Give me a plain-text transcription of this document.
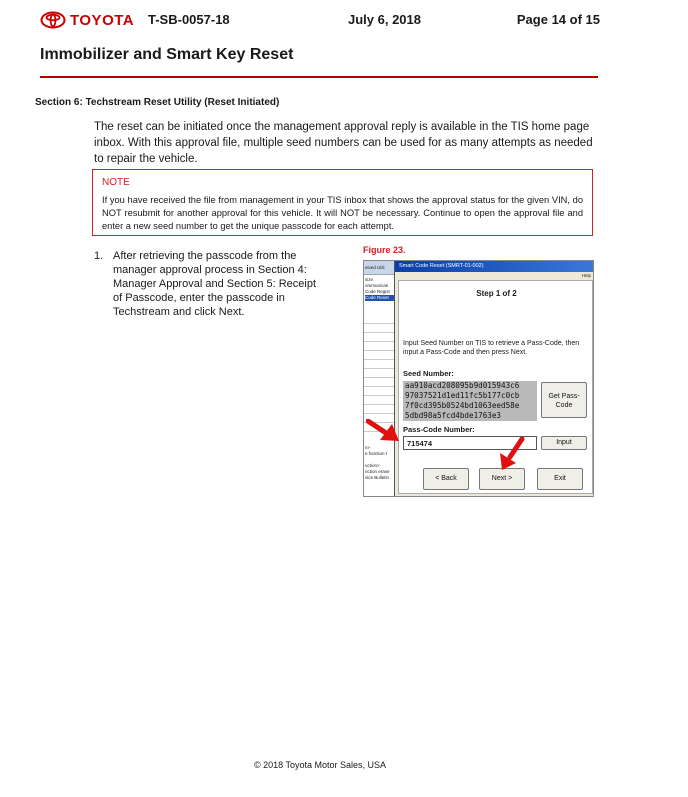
TOYOTA T-SB-0057-18	July 6, 2018	Page 14 of 15
Immobilizer and Smart Key Reset
Section 6: Techstream Reset Utility (Reset Initiated)

The reset can be initiated once the management approval reply is available in the TIS home page inbox. With this approval file, multiple seed numbers can be used for as many attempts as needed to repair the vehicle.

NOTE
If you have received the file from management in your TIS inbox that shows the approval status for the given VIN, do NOT resubmit for another approval for this vehicle. It will NOT be necessary. Continue to open the approval file and enter a new seed number to get the unique passcode for each attempt.
1. After retrieving the passcode from the manager approval process in Section 4: Manager Approval and Section 5: Receipt of Passcode, enter the passcode in Techstream and click Next.
Figure 23.
eived Utili
size
ommunicati
Code Regist
Code Reset
n>
e function t

uction>
nction erase
vice Bulletin
Smart Code Reset (SMRT-01-002)
Help
Step 1 of 2
Input Seed Number on TIS to retrieve a Pass-Code, then input a Pass-Code and then press Next.
Seed Number:
aa910acd208095b9d015943c6
97037521d1ed11fc5b177c0cb
7f0cd395b0524bd1063eed58e
5dbd98a5fcd4bde1763e3
Get Pass-Code
Pass-Code Number:
715474	Input
< Back	Next >	Exit
© 2018 Toyota Motor Sales, USA
